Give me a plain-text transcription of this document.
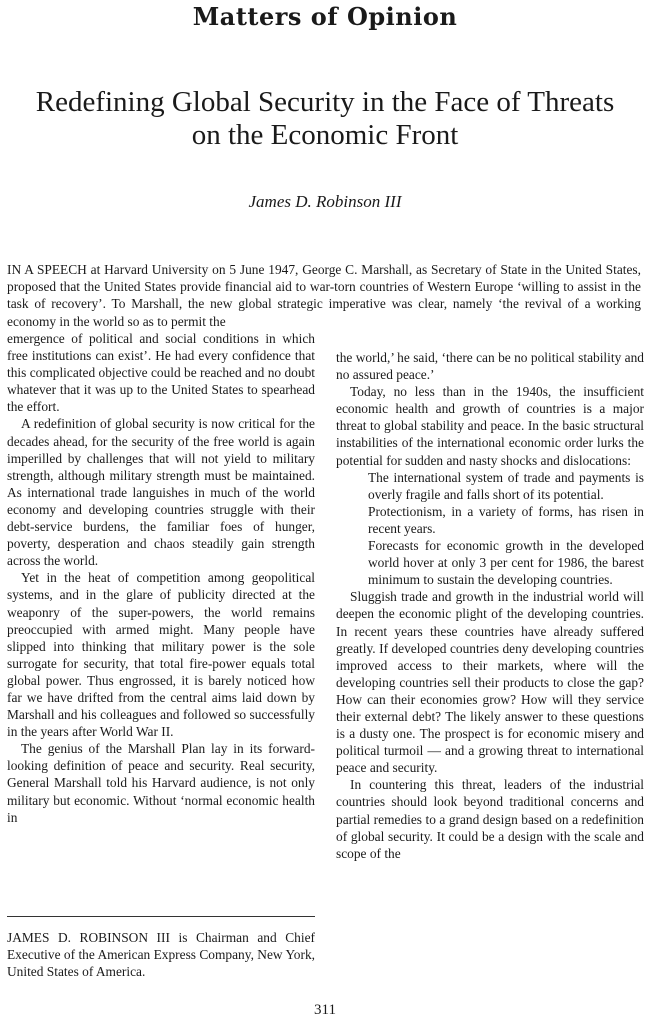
Matters of Opinion
Redefining Global Security in the Face of Threats on the Economic Front
James D. Robinson III

IN A SPEECH at Harvard University on 5 June 1947, George C. Marshall, as Secretary of State in the United States, proposed that the United States provide financial aid to war-torn countries of Western Europe ‘willing to assist in the task of recovery’. To Marshall, the new global strategic imperative was clear, namely ‘the revival of a working economy in the world so as to permit the

emergence of political and social conditions in which free institutions can exist’. He had every confidence that this complicated objective could be reached and no doubt whatever that it was up to the United States to spearhead the effort.

A redefinition of global security is now critical for the decades ahead, for the security of the free world is again imperilled by challenges that will not yield to military strength, although military strength must be maintained. As international trade languishes in much of the world economy and developing countries struggle with their debt-service burdens, the familiar foes of hunger, poverty, desperation and chaos steadily gain strength across the world.

Yet in the heat of competition among geopolitical systems, and in the glare of publicity directed at the weaponry of the super-powers, the world remains preoccupied with armed might. Many people have slipped into thinking that military power is the sole surrogate for security, that total fire-power equals total global power. Thus engrossed, it is barely noticed how far we have drifted from the central aims laid down by Marshall and his colleagues and followed so successfully in the years after World War II.

The genius of the Marshall Plan lay in its forward-looking definition of peace and security. Real security, General Marshall told his Harvard audience, is not only military but economic. Without ‘normal economic health in

JAMES D. ROBINSON III is Chairman and Chief Executive of the American Express Company, New York, United States of America.

the world,’ he said, ‘there can be no political stability and no assured peace.’

Today, no less than in the 1940s, the insufficient economic health and growth of countries is a major threat to global stability and peace. In the basic structural instabilities of the international economic order lurks the potential for sudden and nasty shocks and dislocations:

The international system of trade and payments is overly fragile and falls short of its potential.

Protectionism, in a variety of forms, has risen in recent years.

Forecasts for economic growth in the developed world hover at only 3 per cent for 1986, the barest minimum to sustain the developing countries.

Sluggish trade and growth in the industrial world will deepen the economic plight of the developing countries. In recent years these countries have already suffered greatly. If developed countries deny developing countries improved access to their markets, where will the developing countries sell their products to close the gap? How can their economies grow? How will they service their external debt? The likely answer to these questions is a dusty one. The prospect is for economic misery and political turmoil — and a growing threat to international peace and security.

In countering this threat, leaders of the industrial countries should look beyond traditional concerns and partial remedies to a grand design based on a redefinition of global security. It could be a design with the scale and scope of the

311
